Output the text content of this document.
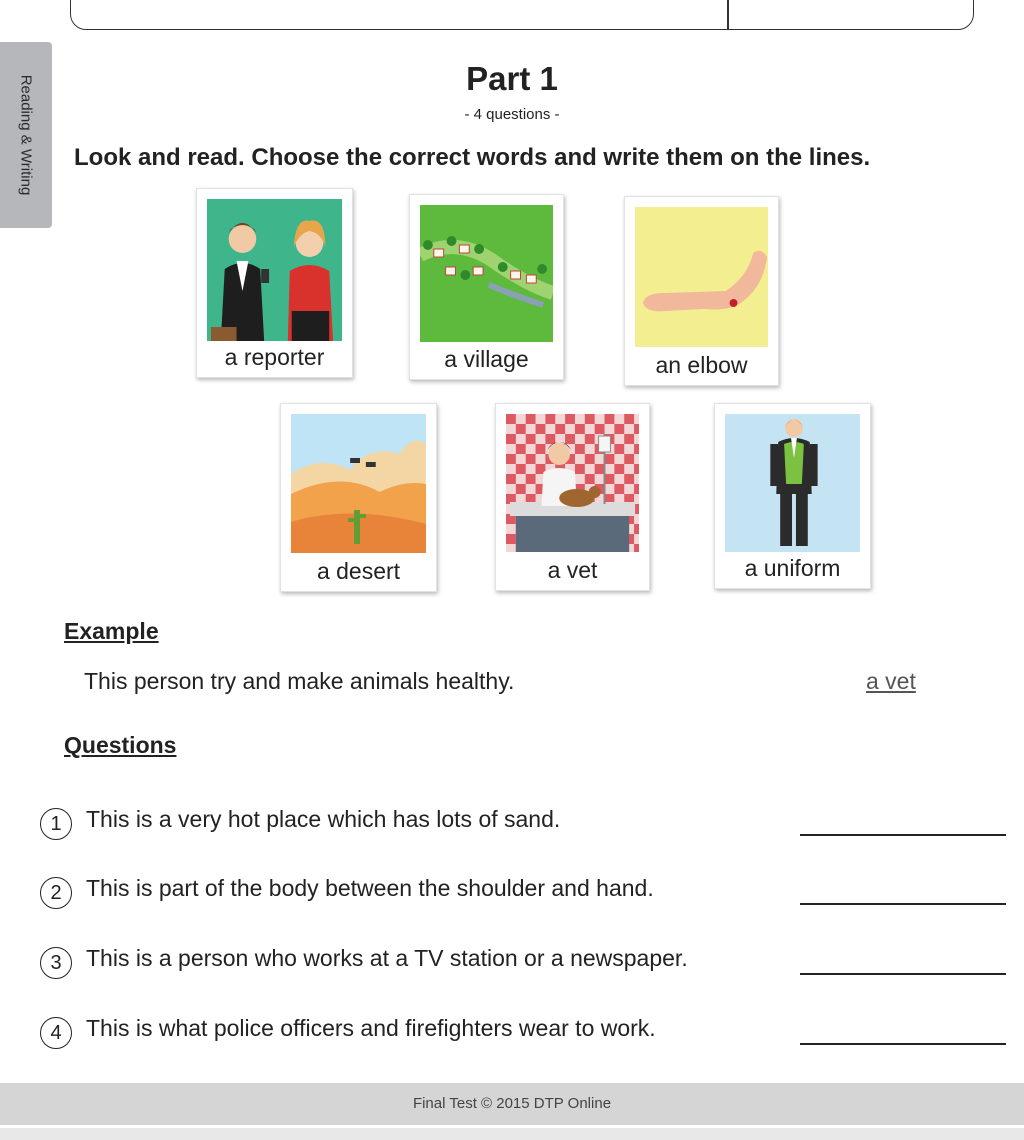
Reading & Writing	Part 1
- 4 questions -
Look and read. Choose the correct words and write them on the lines.
a reporter	a village	an elbow
a desert	a vet	a uniform
Example
This person try and make animals healthy.	a vet
Questions
1	This is a very hot place which has lots of sand.
2	This is part of the body between the shoulder and hand.
3	This is a person who works at a TV station or a newspaper.
4	This is what police officers and firefighters wear to work.
Final Test © 2015 DTP Online
